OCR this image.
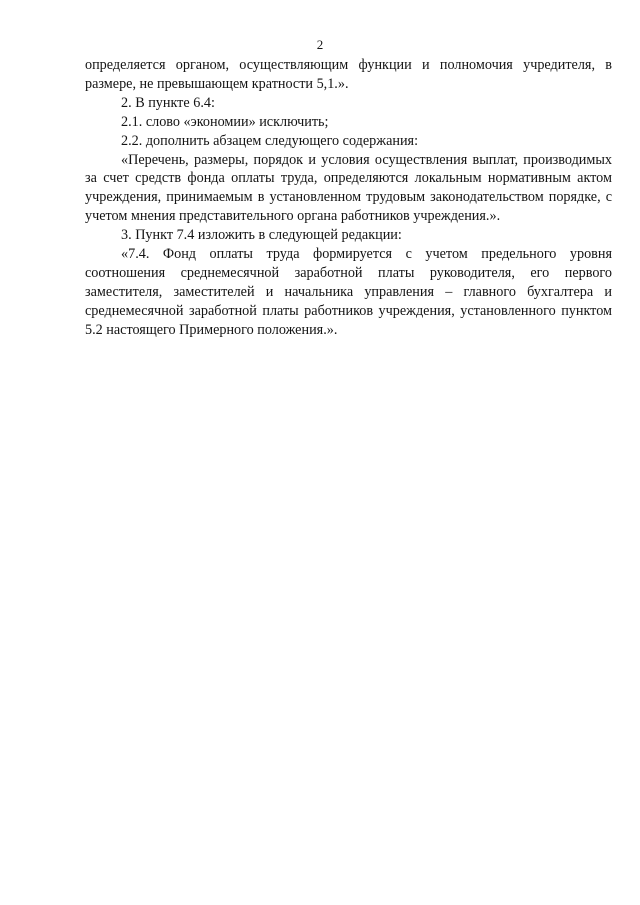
2

определяется органом, осуществляющим функции и полномочия учредителя, в размере, не превышающем кратности 5,1.».

2. В пункте 6.4:

2.1. слово «экономии» исключить;

2.2. дополнить абзацем следующего содержания:

«Перечень, размеры, порядок и условия осуществления выплат, производимых за счет средств фонда оплаты труда, определяются локальным нормативным актом учреждения, принимаемым в установленном трудовым законодательством порядке, с учетом мнения представительного органа работников учреждения.».

3. Пункт 7.4 изложить в следующей редакции:

«7.4. Фонд оплаты труда формируется с учетом предельного уровня соотношения среднемесячной заработной платы руководителя, его первого заместителя, заместителей и начальника управления – главного бухгалтера и среднемесячной заработной платы работников учреждения, установленного пунктом 5.2 настоящего Примерного положения.».
